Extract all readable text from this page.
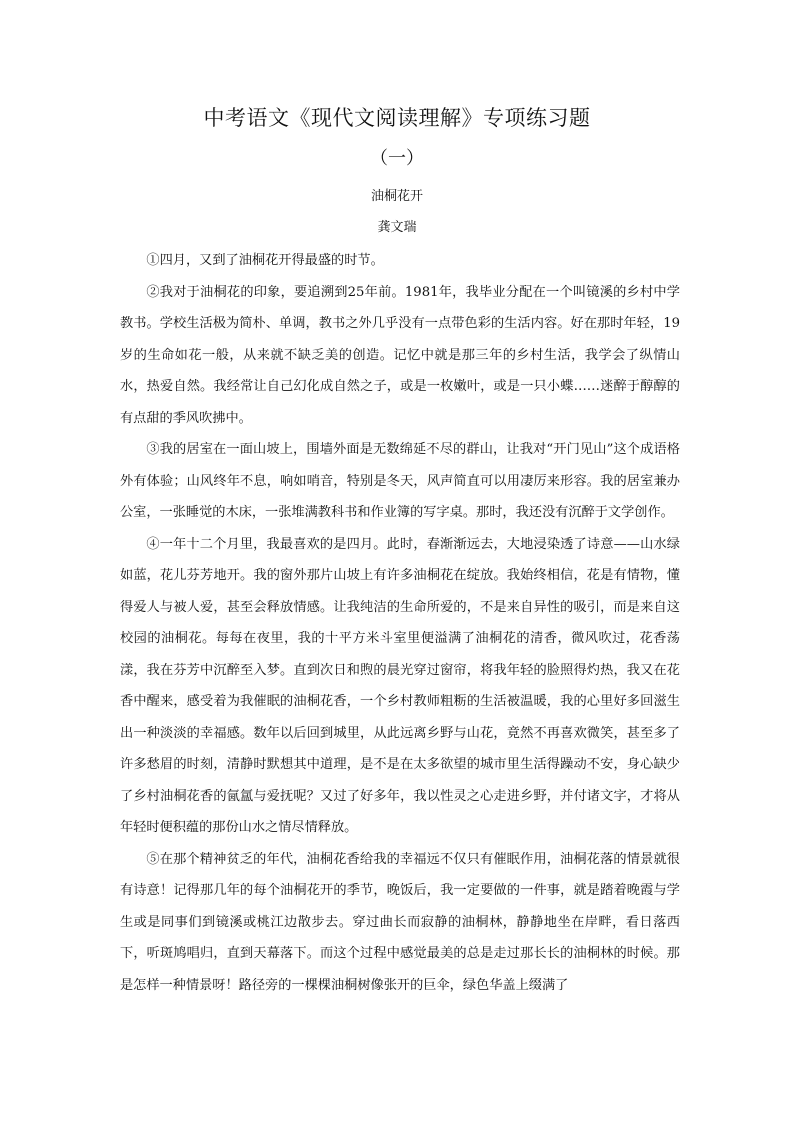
中考语文《现代文阅读理解》专项练习题
（一）
油桐花开
龚文瑞

①四月，又到了油桐花开得最盛的时节。

②我对于油桐花的印象，要追溯到25年前。1981年，我毕业分配在一个叫镜溪的乡村中学教书。学校生活极为简朴、单调，教书之外几乎没有一点带色彩的生活内容。好在那时年轻，19岁的生命如花一般，从来就不缺乏美的创造。记忆中就是那三年的乡村生活，我学会了纵情山水，热爱自然。我经常让自己幻化成自然之子，或是一枚嫩叶，或是一只小蝶……迷醉于醇醇的有点甜的季风吹拂中。

③我的居室在一面山坡上，围墙外面是无数绵延不尽的群山，让我对“开门见山”这个成语格外有体验；山风终年不息，响如哨音，特别是冬天，风声简直可以用凄厉来形容。我的居室兼办公室，一张睡觉的木床，一张堆满教科书和作业簿的写字桌。那时，我还没有沉醉于文学创作。

④一年十二个月里，我最喜欢的是四月。此时，春渐渐远去，大地浸染透了诗意——山水绿如蓝，花儿芬芳地开。我的窗外那片山坡上有许多油桐花在绽放。我始终相信，花是有情物，懂得爱人与被人爱，甚至会释放情感。让我纯洁的生命所爱的，不是来自异性的吸引，而是来自这校园的油桐花。每每在夜里，我的十平方米斗室里便溢满了油桐花的清香，微风吹过，花香荡漾，我在芬芳中沉醉至入梦。直到次日和煦的晨光穿过窗帘，将我年轻的脸照得灼热，我又在花香中醒来，感受着为我催眠的油桐花香，一个乡村教师粗粝的生活被温暖，我的心里好多回滋生出一种淡淡的幸福感。数年以后回到城里，从此远离乡野与山花，竟然不再喜欢微笑，甚至多了许多愁眉的时刻，清静时默想其中道理，是不是在太多欲望的城市里生活得躁动不安，身心缺少了乡村油桐花香的氤氲与爱抚呢？又过了好多年，我以性灵之心走进乡野，并付诸文字，才将从年轻时便积蕴的那份山水之情尽情释放。

⑤在那个精神贫乏的年代，油桐花香给我的幸福远不仅只有催眠作用，油桐花落的情景就很有诗意！记得那几年的每个油桐花开的季节，晚饭后，我一定要做的一件事，就是踏着晚霞与学生或是同事们到镜溪或桃江边散步去。穿过曲长而寂静的油桐林，静静地坐在岸畔，看日落西下，听斑鸠唱归，直到天幕落下。而这个过程中感觉最美的总是走过那长长的油桐林的时候。那是怎样一种情景呀！路径旁的一棵棵油桐树像张开的巨伞，绿色华盖上缀满了
